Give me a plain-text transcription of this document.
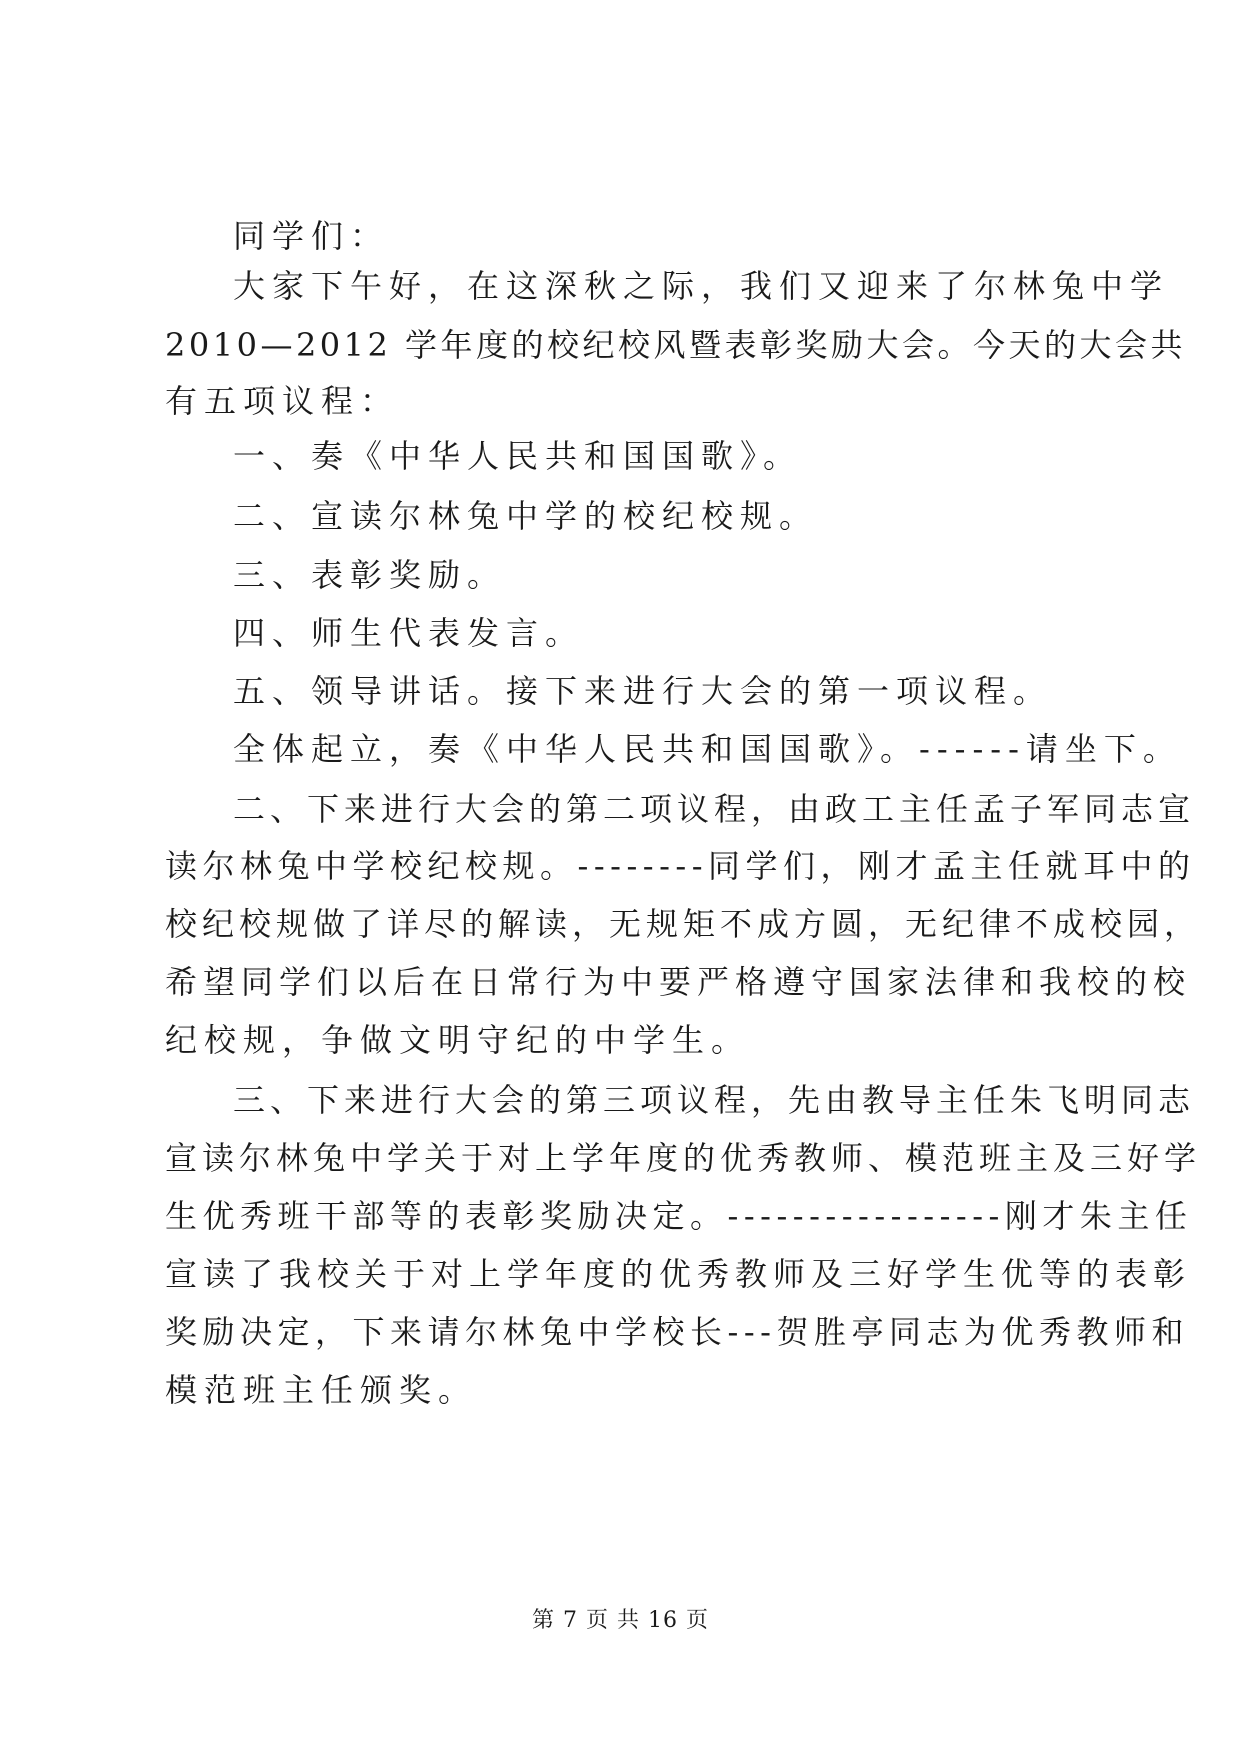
同学们：
大家下午好，在这深秋之际，我们又迎来了尔林兔中学
2010—2012 学年度的校纪校风暨表彰奖励大会。今天的大会共
有五项议程：
一、奏《中华人民共和国国歌》。
二、宣读尔林兔中学的校纪校规。
三、表彰奖励。
四、师生代表发言。
五、领导讲话。接下来进行大会的第一项议程。
全体起立，奏《中华人民共和国国歌》。------请坐下。
二、下来进行大会的第二项议程，由政工主任孟子军同志宣
读尔林兔中学校纪校规。--------同学们，刚才孟主任就耳中的
校纪校规做了详尽的解读，无规矩不成方圆，无纪律不成校园，
希望同学们以后在日常行为中要严格遵守国家法律和我校的校
纪校规，争做文明守纪的中学生。
三、下来进行大会的第三项议程，先由教导主任朱飞明同志
宣读尔林兔中学关于对上学年度的优秀教师、模范班主及三好学
生优秀班干部等的表彰奖励决定。-----------------刚才朱主任
宣读了我校关于对上学年度的优秀教师及三好学生优等的表彰
奖励决定，下来请尔林兔中学校长---贺胜亭同志为优秀教师和
模范班主任颁奖。
第 7 页 共 16 页
